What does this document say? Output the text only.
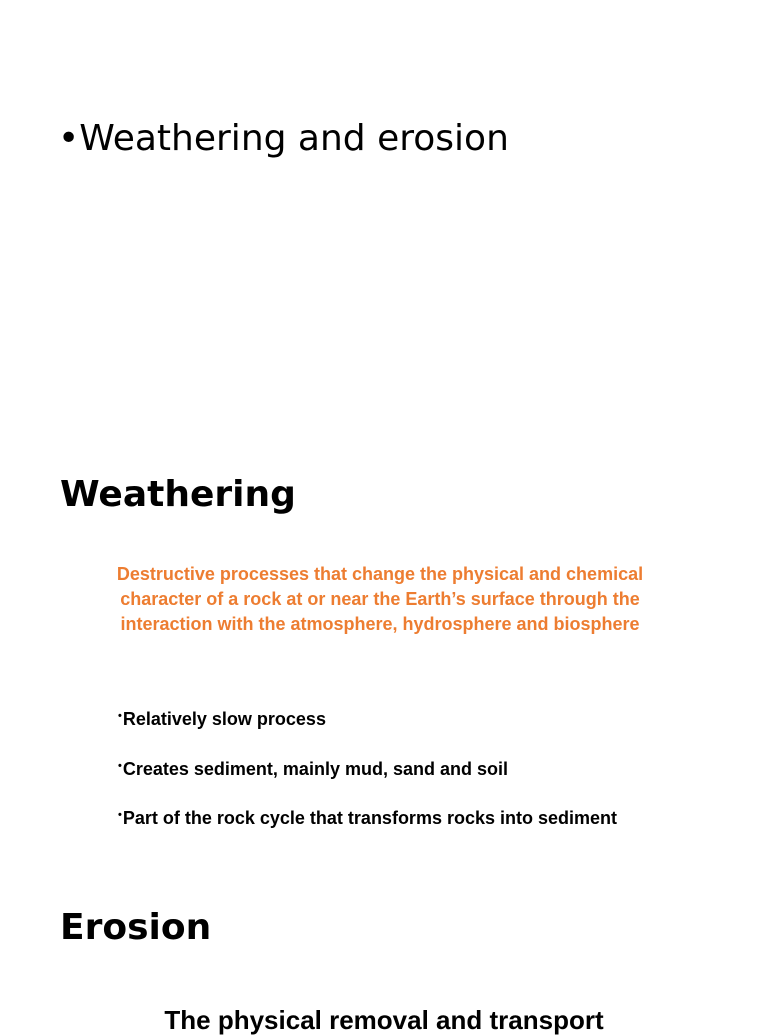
•Weathering and erosion
Weathering

Destructive processes that change the physical and chemical character of a rock at or near the Earth’s surface through the interaction with the atmosphere, hydrosphere and biosphere

•Relatively slow process
•Creates sediment, mainly mud, sand and soil
•Part of the rock cycle that transforms rocks into sediment
Erosion

The physical removal and transport
